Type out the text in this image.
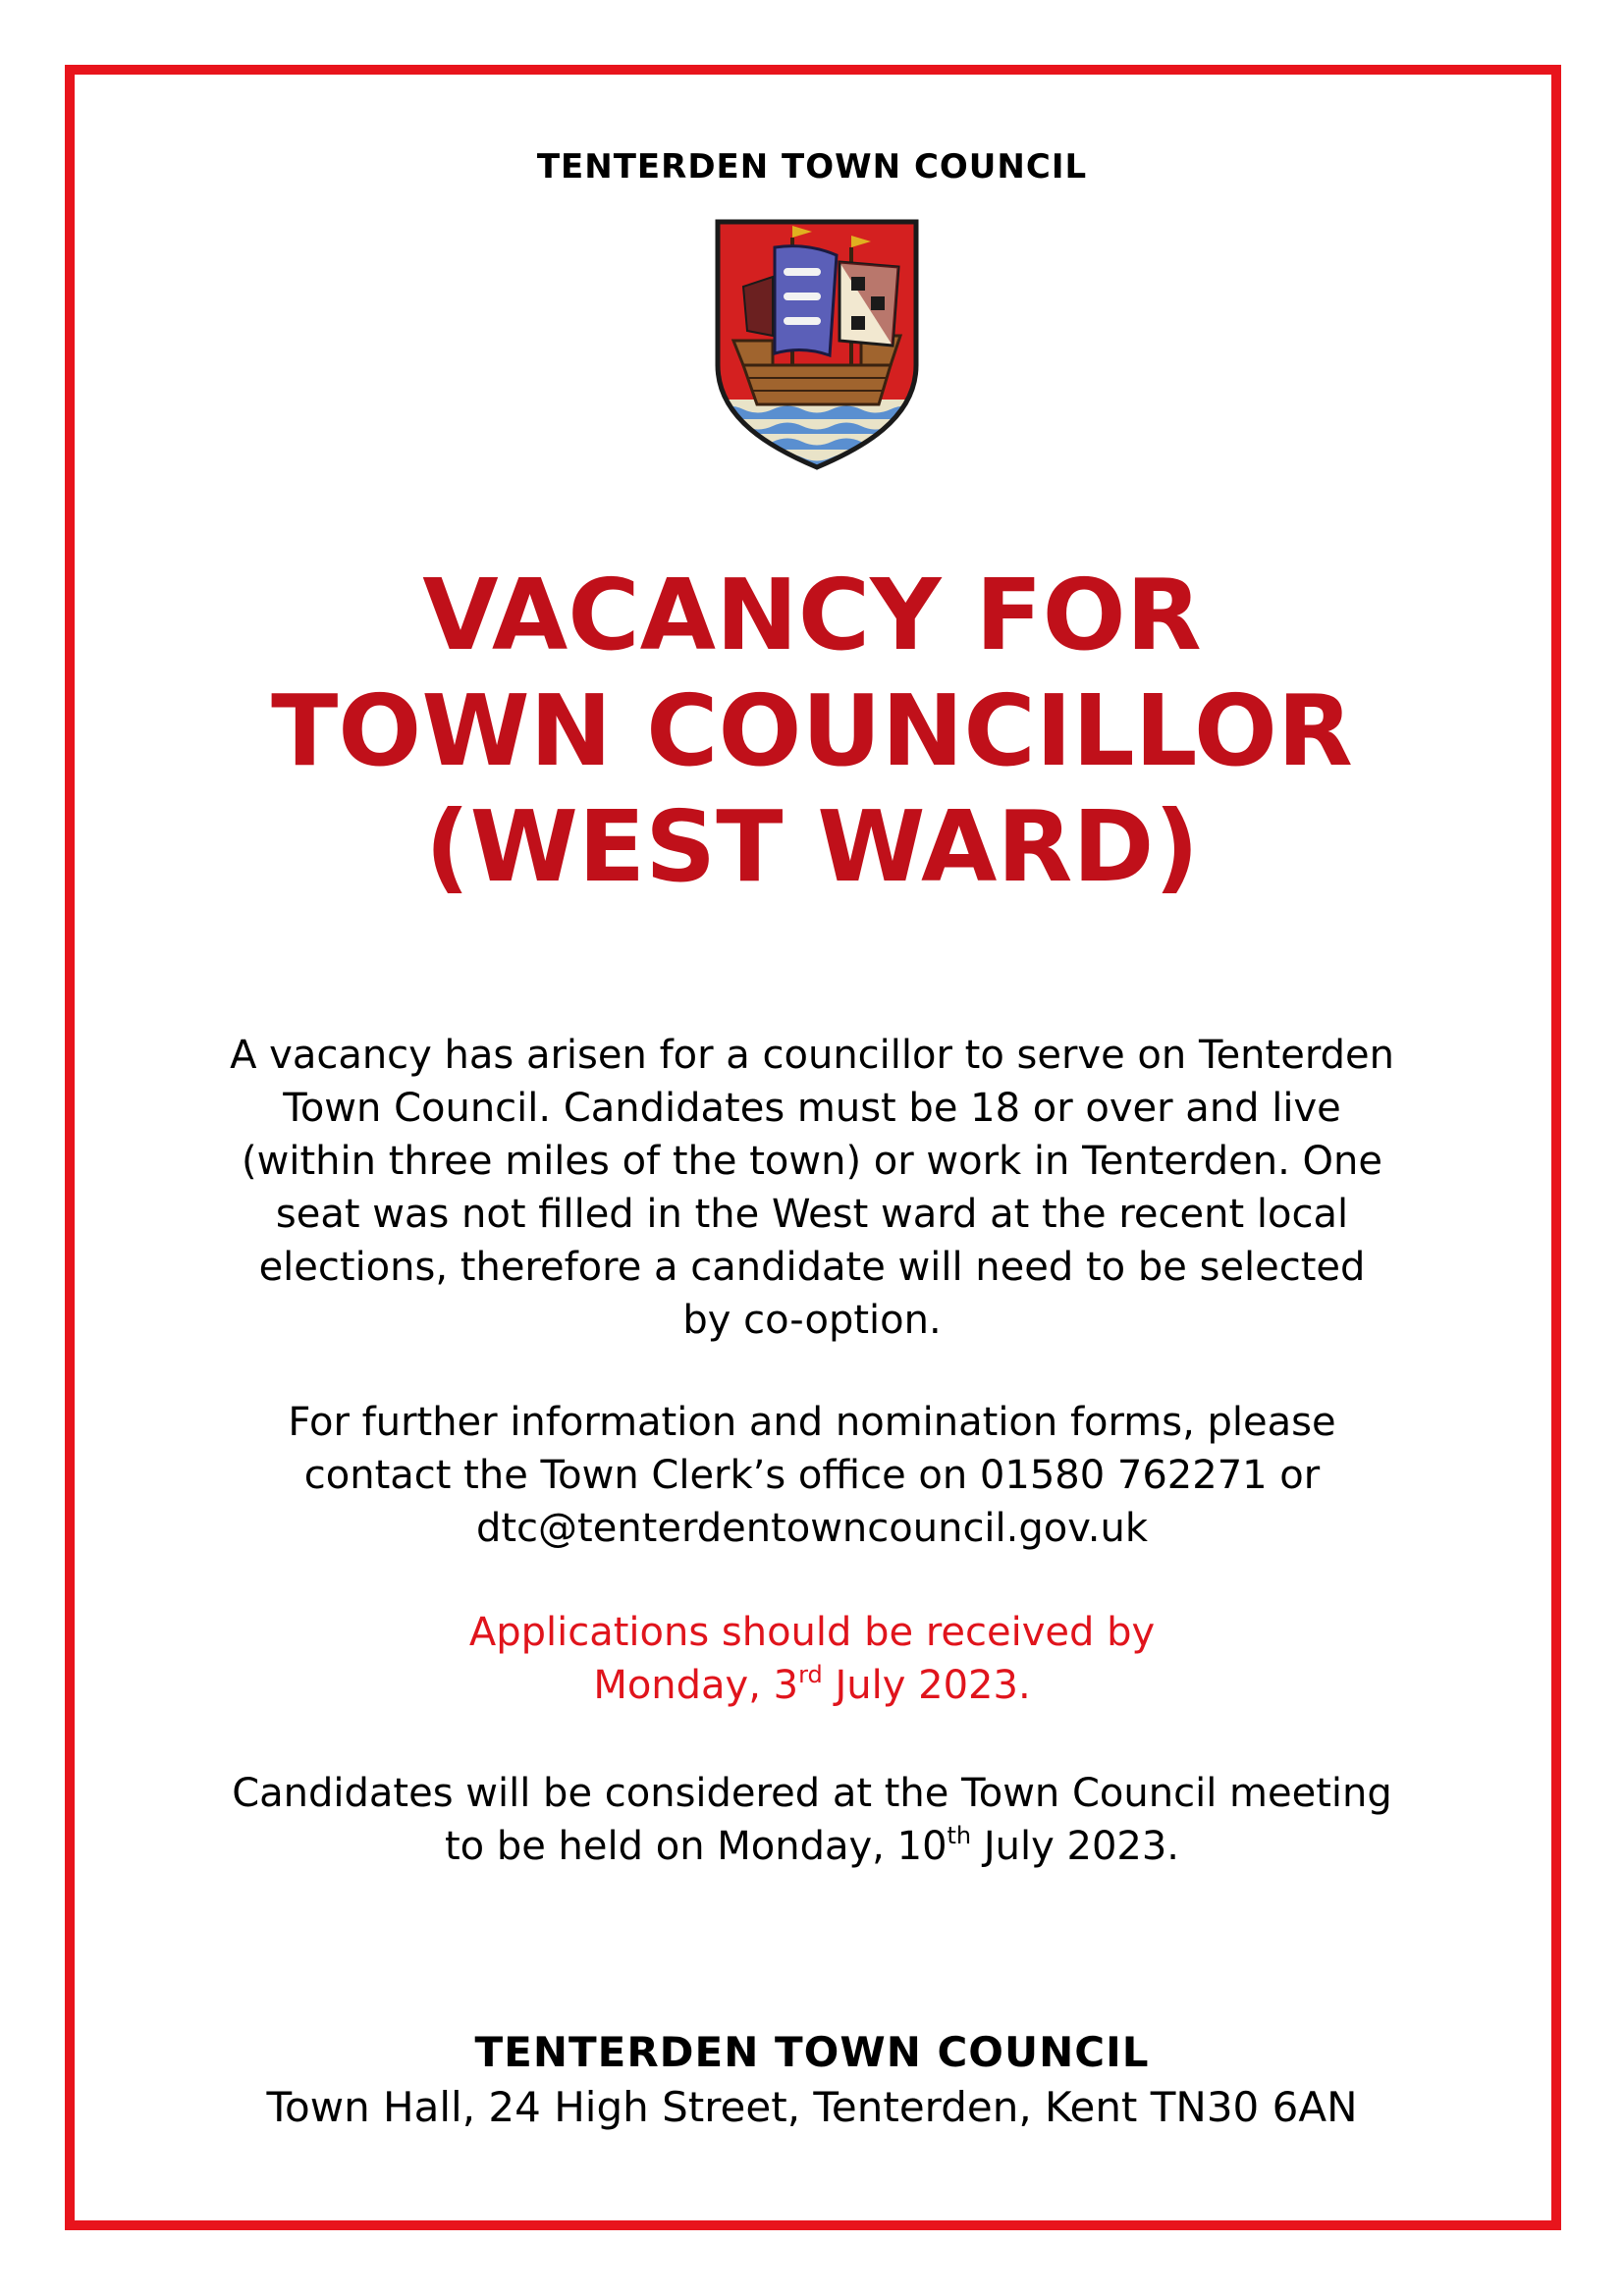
TENTERDEN TOWN COUNCIL
VACANCY FOR
TOWN COUNCILLOR
(WEST WARD)
A vacancy has arisen for a councillor to serve on Tenterden
Town Council. Candidates must be 18 or over and live
(within three miles of the town) or work in Tenterden. One
seat was not filled in the West ward at the recent local
elections, therefore a candidate will need to be selected
by co-option.
For further information and nomination forms, please
contact the Town Clerk’s office on 01580 762271 or
dtc@tenterdentowncouncil.gov.uk
Applications should be received by
Monday, 3rd July 2023.
Candidates will be considered at the Town Council meeting
to be held on Monday, 10th July 2023.
TENTERDEN TOWN COUNCIL
Town Hall, 24 High Street, Tenterden, Kent TN30 6AN
